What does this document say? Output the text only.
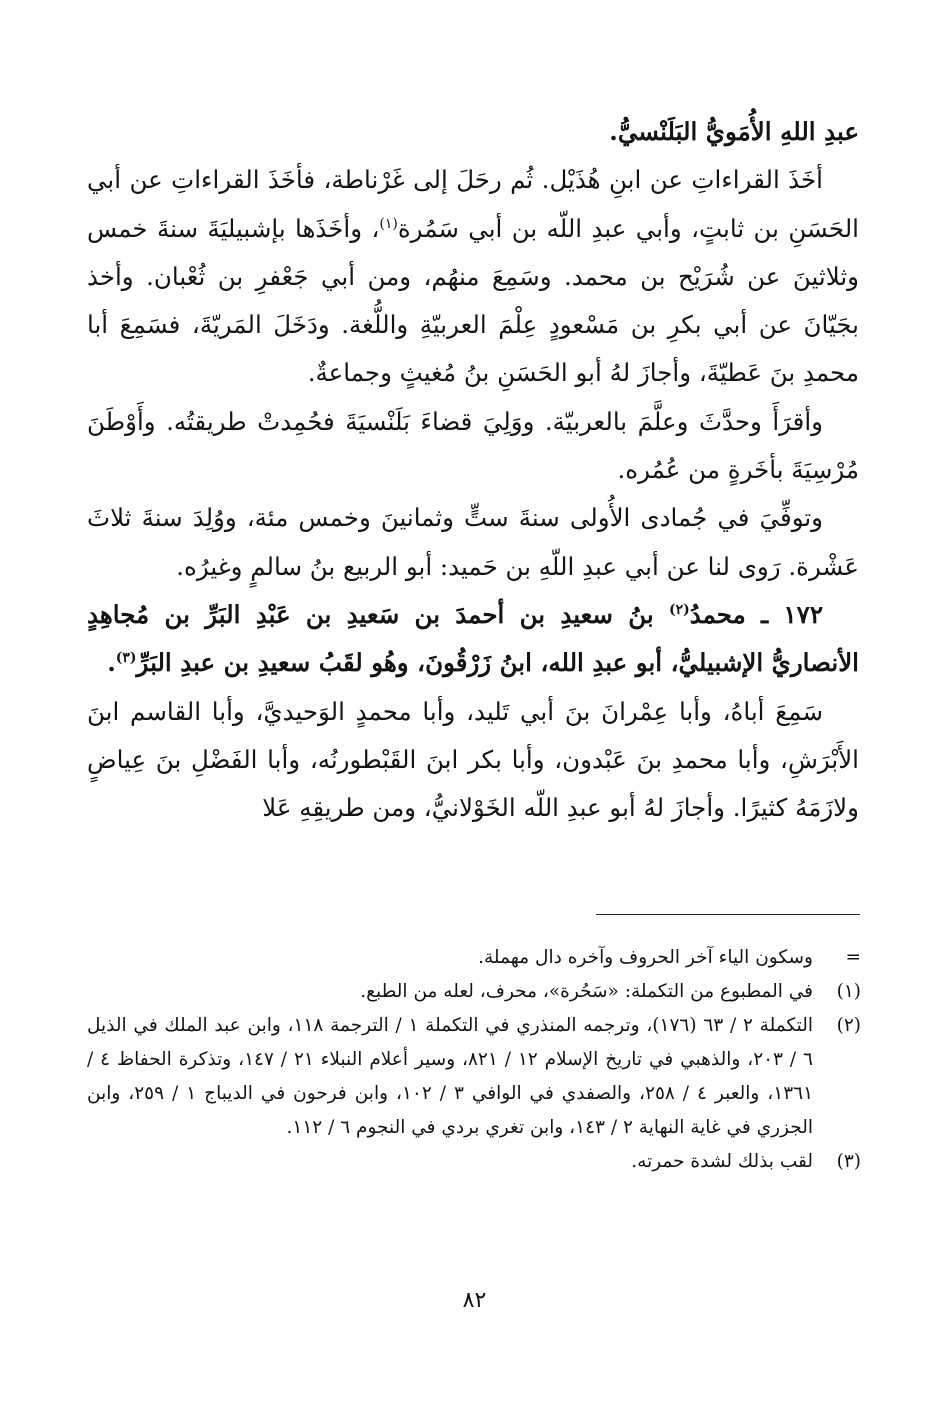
عبدِ اللهِ الأُمَويُّ البَلَنْسيُّ.

أخَذَ القراءاتِ عن ابنِ هُذَيْل. ثُم رحَلَ إلى غَرْناطة، فأخَذَ القراءاتِ عن أبي الحَسَنِ بن ثابتٍ، وأبي عبدِ اللّه بن أبي سَمُرة$^{(١)}$، وأخَذَها بإشبيليَةَ سنةَ خمس وثلاثينَ عن شُرَيْح بن محمد. وسَمِعَ منهُم، ومن أبي جَعْفرِ بن ثُعْبان. وأخذ بجَيّانَ عن أبي بكرِ بن مَسْعودٍ عِلْمَ العربيّةِ واللُّغة. ودَخَلَ المَريّةَ، فسَمِعَ أبا محمدِ بنَ عَطيّةَ، وأجازَ لهُ أبو الحَسَنِ بنُ مُغيثٍ وجماعةٌ.

وأقرَأَ وحدَّثَ وعلَّمَ بالعربيّة. ووَلِيَ قضاءَ بَلَنْسيَةَ فحُمِدتْ طريقتُه. وأَوْطَنَ مُرْسِيَةَ بأخَرةٍ من عُمُره.

وتوفِّيَ في جُمادى الأُولى سنةَ ستٍّ وثمانينَ وخمس مئة، ووُلِدَ سنةَ ثلاثَ عَشْرة. رَوى لنا عن أبي عبدِ اللّهِ بن حَميد: أبو الربيع بنُ سالمٍ وغيرُه.

١٧٢ ـ محمدُ$^{(٢)}$ بنُ سعيدِ بن أحمدَ بن سَعيدِ بن عَبْدِ البَرِّ بن مُجاهِدٍ الأنصاريُّ الإشبيليُّ، أبو عبدِ الله، ابنُ زَرْقُونَ، وهُو لقَبُ سعيدِ بن عبدِ البَرِّ$^{(٣)}$.

سَمِعَ أباهُ، وأبا عِمْرانَ بنَ أبي تَليد، وأبا محمدٍ الوَحيديَّ، وأبا القاسم ابنَ الأَبْرَشِ، وأبا محمدِ بنَ عَبْدون، وأبا بكر ابنَ القَبْطورنُه، وأبا الفَضْلِ بنَ عِياضٍ ولازَمَهُ كثيرًا. وأجازَ لهُ أبو عبدِ اللّه الخَوْلانيُّ، ومن طريقِهِ عَلا

=
وسكون الياء آخر الحروف وآخره دال مهملة.
(١)
في المطبوع من التكملة: «سَحُرة»، محرف، لعله من الطبع.
(٢)
التكملة ٢ / ٦٣ (١٧٦)، وترجمه المنذري في التكملة ١ / الترجمة ١١٨، وابن عبد الملك في الذيل ٦ / ٢٠٣، والذهبي في تاريخ الإسلام ١٢ / ٨٢١، وسير أعلام النبلاء ٢١ / ١٤٧، وتذكرة الحفاظ ٤ / ١٣٦١، والعبر ٤ / ٢٥٨، والصفدي في الوافي ٣ / ١٠٢، وابن فرحون في الديباج ١ / ٢٥٩، وابن الجزري في غاية النهاية ٢ / ١٤٣، وابن تغري بردي في النجوم ٦ / ١١٢.
(٣)
لقب بذلك لشدة حمرته.
٨٢
